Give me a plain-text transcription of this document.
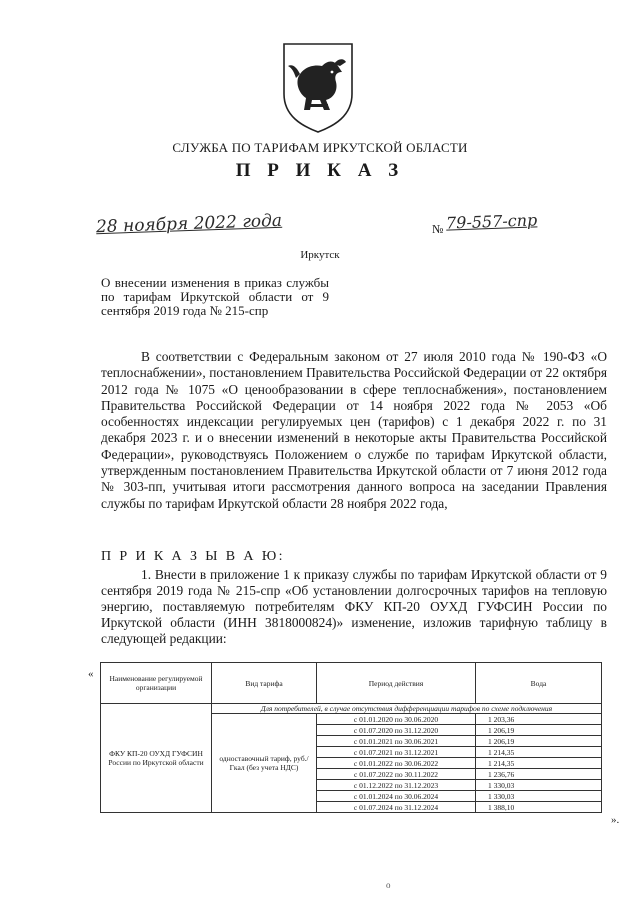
СЛУЖБА ПО ТАРИФАМ ИРКУТСКОЙ ОБЛАСТИ
П Р И К А З
28 ноября 2022 года	№ 79-557-спр
Иркутск
О внесении изменения в приказ службы по тарифам Иркутской области от 9 сентября 2019 года № 215-спр
В соответствии с Федеральным законом от 27 июля 2010 года № 190-ФЗ «О теплоснабжении», постановлением Правительства Российской Федерации от 22 октября 2012 года № 1075 «О ценообразовании в сфере теплоснабжения», постановлением Правительства Российской Федерации от 14 ноября 2022 года № 2053 «Об особенностях индексации регулируемых цен (тарифов) с 1 декабря 2022 г. по 31 декабря 2023 г. и о внесении изменений в некоторые акты Правительства Российской Федерации», руководствуясь Положением о службе по тарифам Иркутской области, утвержденным постановлением Правительства Иркутской области от 7 июня 2012 года № 303-пп, учитывая итоги рассмотрения данного вопроса на заседании Правления службы по тарифам Иркутской области 28 ноября 2022 года,
П Р И К А З Ы В А Ю:
1. Внести в приложение 1 к приказу службы по тарифам Иркутской области от 9 сентября 2019 года № 215-спр «Об установлении долгосрочных тарифов на тепловую энергию, поставляемую потребителям ФКУ КП-20 ОУХД ГУФСИН России по Иркутской области (ИНН 3818000824)» изменение, изложив тарифную таблицу в следующей редакции:
« Наименование регулируемой организации	Вид тарифа	Период действия	Вода
ФКУ КП-20 ОУХД ГУФСИН России по Иркутской области	Для потребителей, в случае отсутствия дифференциации тарифов по схеме подключения		
	одноставочный тариф, руб./Гкал (без учета НДС)	с 01.01.2020 по 30.06.2020	1 203,36
		с 01.07.2020 по 31.12.2020	1 206,19
		с 01.01.2021 по 30.06.2021	1 206,19
		с 01.07.2021 по 31.12.2021	1 214,35
		с 01.01.2022 по 30.06.2022	1 214,35
		с 01.07.2022 по 30.11.2022	1 236,76
		с 01.12.2022 по 31.12.2023	1 330,03
		с 01.01.2024 по 30.06.2024	1 330,03
		с 01.07.2024 по 31.12.2024	1 388,10
».
о
